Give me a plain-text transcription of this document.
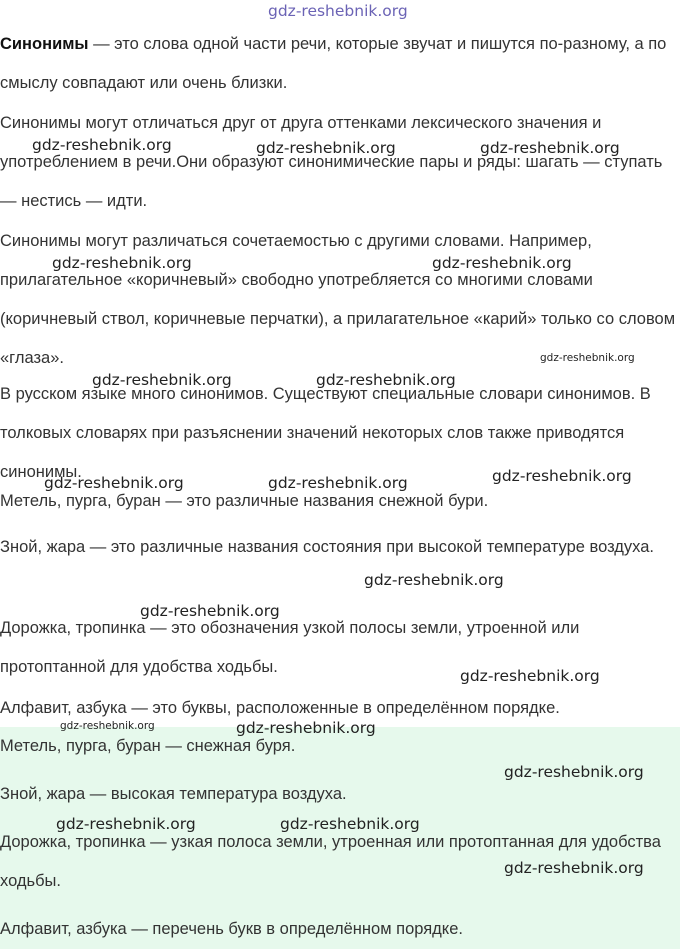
gdz-reshebnik.org

Синонимы — это слова одной части речи, которые звучат и пишутся по-разному, а по смыслу совпадают или очень близки.

Синонимы могут отличаться друг от друга оттенками лексического значения и употреблением в речи.Они образуют синонимические пары и ряды: шагать — ступать — нестись — идти.

Синонимы могут различаться сочетаемостью с другими словами. Например, прилагательное «коричневый» свободно употребляется со многими словами (коричневый ствол, коричневые перчатки), а прилагательное «карий» только со словом «глаза».

В русском языке много синонимов. Существуют специальные словари синонимов. В толковых словарях при разъяснении значений некоторых слов также приводятся синонимы.

Метель, пурга, буран — это различные названия снежной бури.

Зной, жара — это различные названия состояния при высокой температуре воздуха.

Дорожка, тропинка — это обозначения узкой полосы земли, утроенной или протоптанной для удобства ходьбы.

Алфавит, азбука — это буквы, расположенные в определённом порядке.

Метель, пурга, буран — снежная буря.

Зной, жара — высокая температура воздуха.

Дорожка, тропинка — узкая полоса земли, утроенная или протоптанная для удобства ходьбы.

Алфавит, азбука — перечень букв в определённом порядке.

gdz-reshebnik.org	gdz-reshebnik.org	gdz-reshebnik.org
gdz-reshebnik.org	gdz-reshebnik.org
gdz-reshebnik.org
gdz-reshebnik.org	gdz-reshebnik.org
gdz-reshebnik.org	gdz-reshebnik.org	gdz-reshebnik.org
gdz-reshebnik.org
gdz-reshebnik.org
gdz-reshebnik.org
gdz-reshebnik.org	gdz-reshebnik.org
gdz-reshebnik.org
gdz-reshebnik.org	gdz-reshebnik.org
gdz-reshebnik.org
